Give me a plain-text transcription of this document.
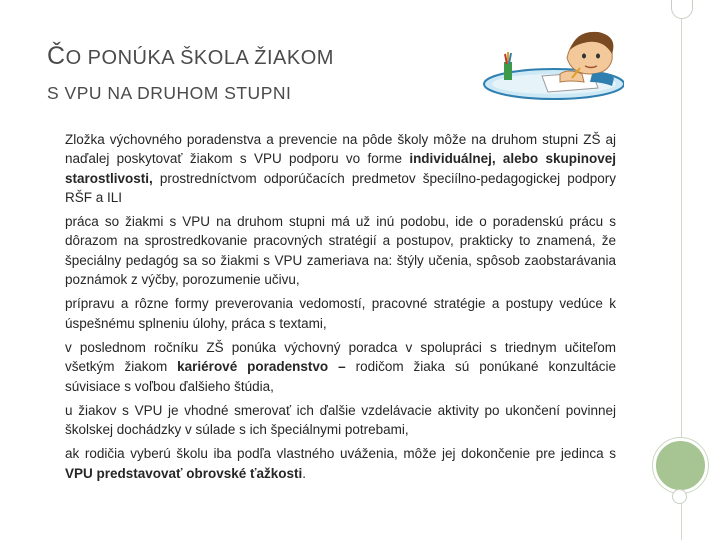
ČO PONÚKA ŠKOLA ŽIAKOM
S VPU NA DRUHOM STUPNI
Zložka výchovného poradenstva a prevencie na pôde školy môže na druhom stupni ZŠ aj naďalej poskytovať žiakom s VPU podporu vo forme individuálnej, alebo skupinovej starostlivosti, prostredníctvom odporúčacích predmetov špeciílno-pedagogickej podpory RŠF a ILI
práca so žiakmi s VPU na druhom stupni má už inú podobu, ide o poradenskú prácu s dôrazom na sprostredkovanie pracovných stratégií a postupov, prakticky to znamená, že špeciálny pedagóg sa so žiakmi s VPU zameriava na: štýly učenia, spôsob zaobstarávania poznámok z výčby, porozumenie učivu,
prípravu a rôzne formy preverovania vedomostí, pracovné stratégie a postupy vedúce k úspešnému splneniu úlohy, práca s textami,
v poslednom ročníku ZŠ ponúka výchovný poradca v spolupráci s triednym učiteľom všetkým žiakom kariérové poradenstvo – rodičom žiaka sú ponúkané konzultácie súvisiace s voľbou ďalšieho štúdia,
u žiakov s VPU je vhodné smerovať ich ďalšie vzdelávacie aktivity po ukončení povinnej školskej dochádzky v súlade s ich špeciálnymi potrebami,
ak rodičia vyberú školu iba podľa vlastného uváženia, môže jej dokončenie pre jedinca s VPU predstavovať obrovské ťažkosti.
